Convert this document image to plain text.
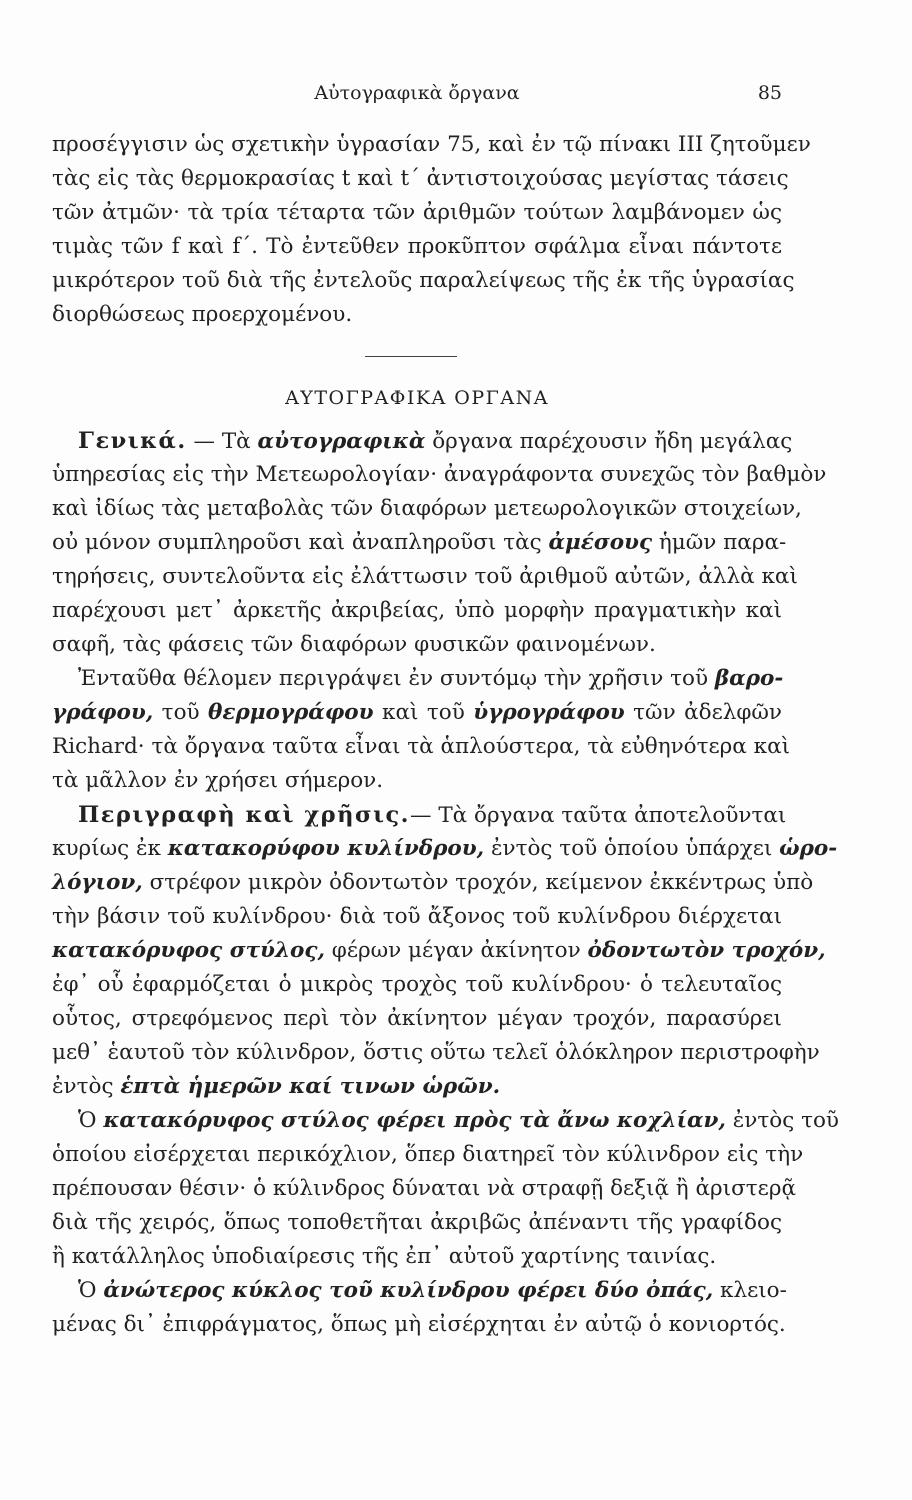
Αὐτογραφικὰ ὄργανα	85
προσέγγισιν ὡς σχετικὴν ὑγρασίαν 75, καὶ ἐν τῷ πίνακι ΙΙΙ ζητοῦμεν
τὰς εἰς τὰς θερμοκρασίας t καὶ t΄ ἀντιστοιχούσας μεγίστας τάσεις
τῶν ἀτμῶν· τὰ τρία τέταρτα τῶν ἀριθμῶν τούτων λαμβάνομεν ὡς
τιμὰς τῶν f καὶ f΄. Τὸ ἐντεῦθεν προκῦπτον σφάλμα εἶναι πάντοτε
μικρότερον τοῦ διὰ τῆς ἐντελοῦς παραλείψεως τῆς ἐκ τῆς ὑγρασίας
διορθώσεως προερχομένου.
ΑΥΤΟΓΡΑΦΙΚΑ ΟΡΓΑΝΑ
Γενικά. — Τὰ αὐτογραφικὰ ὄργανα παρέχουσιν ἤδη μεγάλας
ὑπηρεσίας εἰς τὴν Μετεωρολογίαν· ἀναγράφοντα συνεχῶς τὸν βαθμὸν
καὶ ἰδίως τὰς μεταβολὰς τῶν διαφόρων μετεωρολογικῶν στοιχείων,
οὐ μόνον συμπληροῦσι καὶ ἀναπληροῦσι τὰς ἀμέσους ἡμῶν παρα-
τηρήσεις, συντελοῦντα εἰς ἐλάττωσιν τοῦ ἀριθμοῦ αὐτῶν, ἀλλὰ καὶ
παρέχουσι μετ᾽ ἀρκετῆς ἀκριβείας, ὑπὸ μορφὴν πραγματικὴν καὶ
σαφῆ, τὰς φάσεις τῶν διαφόρων φυσικῶν φαινομένων.
Ἐνταῦθα θέλομεν περιγράψει ἐν συντόμῳ τὴν χρῆσιν τοῦ βαρο-
γράφου, τοῦ θερμογράφου καὶ τοῦ ὑγρογράφου τῶν ἀδελφῶν
Richard· τὰ ὄργανα ταῦτα εἶναι τὰ ἁπλούστερα, τὰ εὐθηνότερα καὶ
τὰ μᾶλλον ἐν χρήσει σήμερον.
Περιγραφὴ καὶ χρῆσις.— Τὰ ὄργανα ταῦτα ἀποτελοῦνται
κυρίως ἐκ κατακορύφου κυλίνδρου, ἐντὸς τοῦ ὁποίου ὑπάρχει ὡρο-
λόγιον, στρέφον μικρὸν ὀδοντωτὸν τροχόν, κείμενον ἐκκέντρως ὑπὸ
τὴν βάσιν τοῦ κυλίνδρου· διὰ τοῦ ἄξονος τοῦ κυλίνδρου διέρχεται
κατακόρυφος στύλος, φέρων μέγαν ἀκίνητον ὀδοντωτὸν τροχόν,
ἐφ᾽ οὗ ἐφαρμόζεται ὁ μικρὸς τροχὸς τοῦ κυλίνδρου· ὁ τελευταῖος
οὗτος, στρεφόμενος περὶ τὸν ἀκίνητον μέγαν τροχόν, παρασύρει
μεθ᾽ ἑαυτοῦ τὸν κύλινδρον, ὅστις οὕτω τελεῖ ὁλόκληρον περιστροφὴν
ἐντὸς ἑπτὰ ἡμερῶν καί τινων ὡρῶν.
Ὁ κατακόρυφος στύλος φέρει πρὸς τὰ ἄνω κοχλίαν, ἐντὸς τοῦ
ὁποίου εἰσέρχεται περικόχλιον, ὅπερ διατηρεῖ τὸν κύλινδρον εἰς τὴν
πρέπουσαν θέσιν· ὁ κύλινδρος δύναται νὰ στραφῇ δεξιᾷ ἢ ἀριστερᾷ
διὰ τῆς χειρός, ὅπως τοποθετῆται ἀκριβῶς ἀπέναντι τῆς γραφίδος
ἢ κατάλληλος ὑποδιαίρεσις τῆς ἐπ᾽ αὐτοῦ χαρτίνης ταινίας.
Ὁ ἀνώτερος κύκλος τοῦ κυλίνδρου φέρει δύο ὀπάς, κλειο-
μένας δι᾽ ἐπιφράγματος, ὅπως μὴ εἰσέρχηται ἐν αὐτῷ ὁ κονιορτός.
